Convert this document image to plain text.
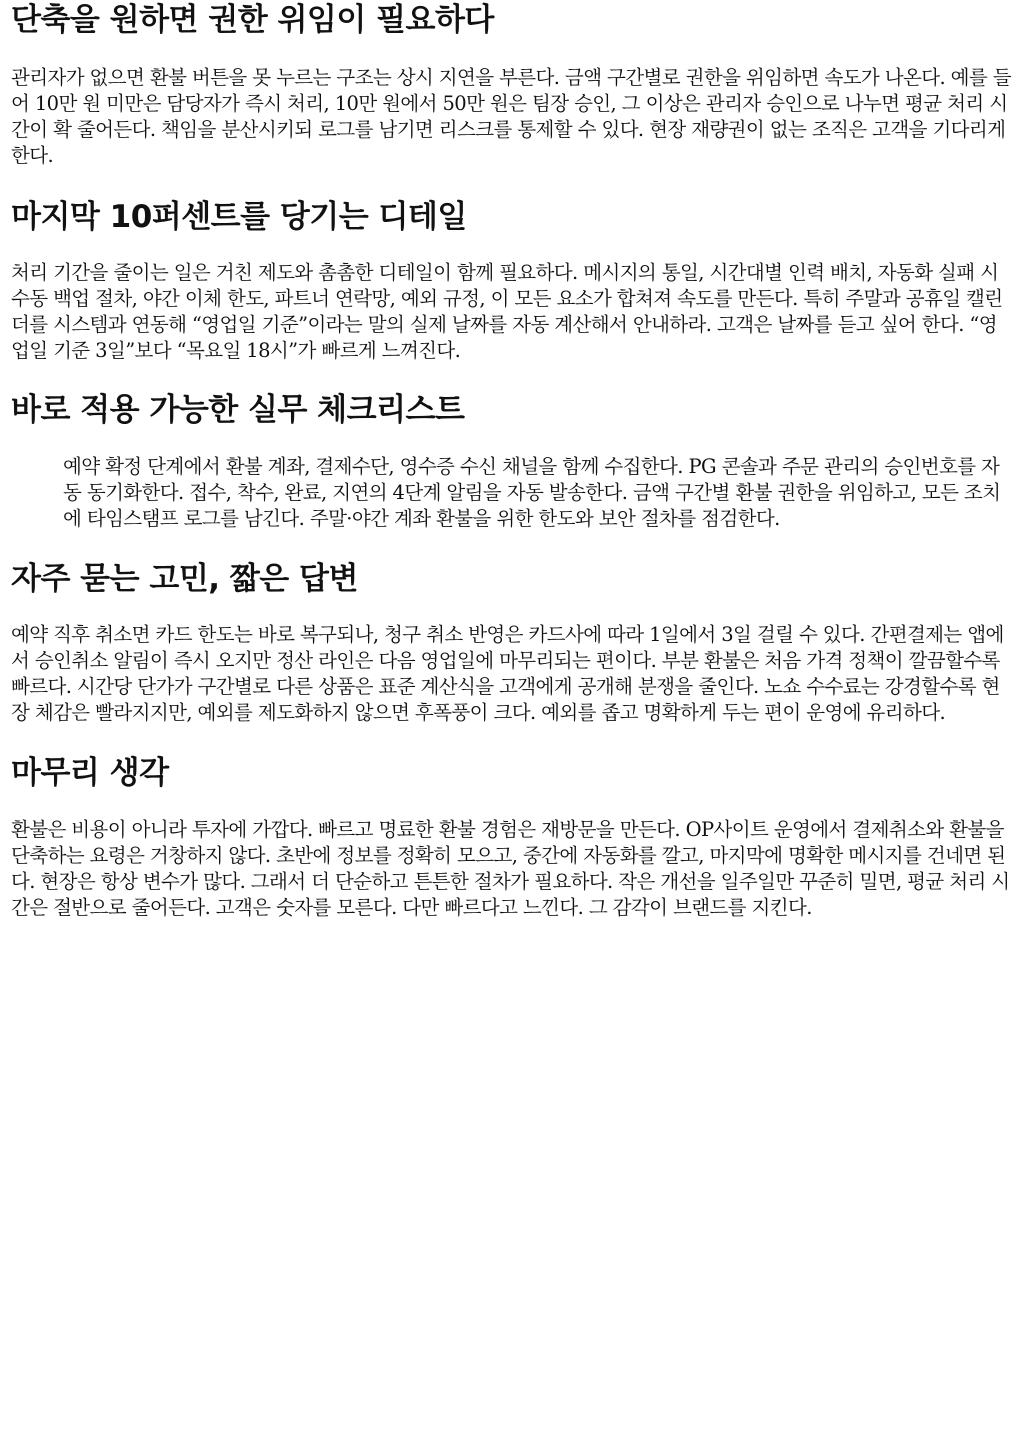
단축을 원하면 권한 위임이 필요하다

관리자가 없으면 환불 버튼을 못 누르는 구조는 상시 지연을 부른다. 금액 구간별로 권한을 위임하면 속도가 나온다. 예를 들어 10만 원 미만은 담당자가 즉시 처리, 10만 원에서 50만 원은 팀장 승인, 그 이상은 관리자 승인으로 나누면 평균 처리 시간이 확 줄어든다. 책임을 분산시키되 로그를 남기면 리스크를 통제할 수 있다. 현장 재량권이 없는 조직은 고객을 기다리게 한다.

마지막 10퍼센트를 당기는 디테일

처리 기간을 줄이는 일은 거친 제도와 촘촘한 디테일이 함께 필요하다. 메시지의 통일, 시간대별 인력 배치, 자동화 실패 시 수동 백업 절차, 야간 이체 한도, 파트너 연락망, 예외 규정, 이 모든 요소가 합쳐져 속도를 만든다. 특히 주말과 공휴일 캘린더를 시스템과 연동해 “영업일 기준”이라는 말의 실제 날짜를 자동 계산해서 안내하라. 고객은 날짜를 듣고 싶어 한다. “영업일 기준 3일”보다 “목요일 18시”가 빠르게 느껴진다.

바로 적용 가능한 실무 체크리스트
예약 확정 단계에서 환불 계좌, 결제수단, 영수증 수신 채널을 함께 수집한다. PG 콘솔과 주문 관리의 승인번호를 자동 동기화한다. 접수, 착수, 완료, 지연의 4단계 알림을 자동 발송한다. 금액 구간별 환불 권한을 위임하고, 모든 조치에 타임스탬프 로그를 남긴다. 주말·야간 계좌 환불을 위한 한도와 보안 절차를 점검한다.
자주 묻는 고민, 짧은 답변

예약 직후 취소면 카드 한도는 바로 복구되나, 청구 취소 반영은 카드사에 따라 1일에서 3일 걸릴 수 있다. 간편결제는 앱에서 승인취소 알림이 즉시 오지만 정산 라인은 다음 영업일에 마무리되는 편이다. 부분 환불은 처음 가격 정책이 깔끔할수록 빠르다. 시간당 단가가 구간별로 다른 상품은 표준 계산식을 고객에게 공개해 분쟁을 줄인다. 노쇼 수수료는 강경할수록 현장 체감은 빨라지지만, 예외를 제도화하지 않으면 후폭풍이 크다. 예외를 좁고 명확하게 두는 편이 운영에 유리하다.

마무리 생각

환불은 비용이 아니라 투자에 가깝다. 빠르고 명료한 환불 경험은 재방문을 만든다. OP사이트 운영에서 결제취소와 환불을 단축하는 요령은 거창하지 않다. 초반에 정보를 정확히 모으고, 중간에 자동화를 깔고, 마지막에 명확한 메시지를 건네면 된다. 현장은 항상 변수가 많다. 그래서 더 단순하고 튼튼한 절차가 필요하다. 작은 개선을 일주일만 꾸준히 밀면, 평균 처리 시간은 절반으로 줄어든다. 고객은 숫자를 모른다. 다만 빠르다고 느낀다. 그 감각이 브랜드를 지킨다.
